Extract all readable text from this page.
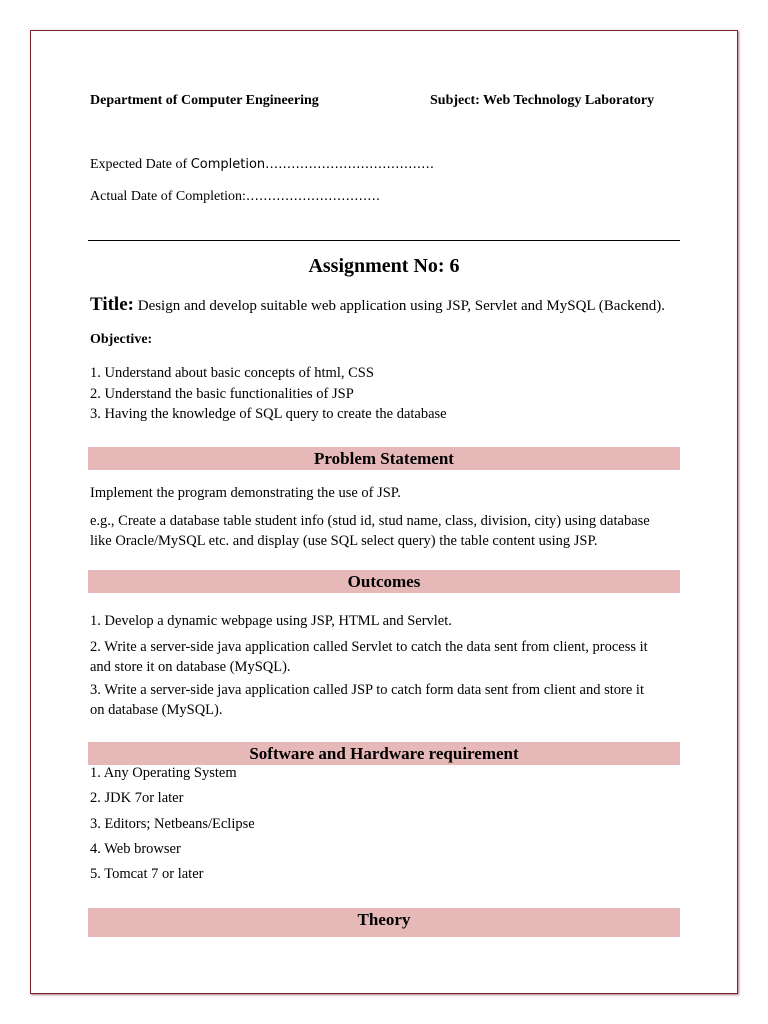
Department of Computer Engineering	Subject: Web Technology Laboratory
Expected Date of Completion…………………………………
Actual Date of Completion:………………………….
Assignment No: 6
Title: Design and develop suitable web application using JSP, Servlet and MySQL (Backend).
Objective:
1. Understand about basic concepts of html, CSS
2. Understand the basic functionalities of JSP
3. Having the knowledge of SQL query to create the database
Problem Statement
Implement the program demonstrating the use of JSP.
e.g., Create a database table student info (stud id, stud name, class, division, city) using database
like Oracle/MySQL etc. and display (use SQL select query) the table content using JSP.
Outcomes
1. Develop a dynamic webpage using JSP, HTML and Servlet.
2. Write a server-side java application called Servlet to catch the data sent from client, process it
and store it on database (MySQL).
3. Write a server-side java application called JSP to catch form data sent from client and store it
on database (MySQL).
Software and Hardware requirement
1. Any Operating System
2. JDK 7or later
3. Editors; Netbeans/Eclipse
4. Web browser
5. Tomcat 7 or later
Theory
